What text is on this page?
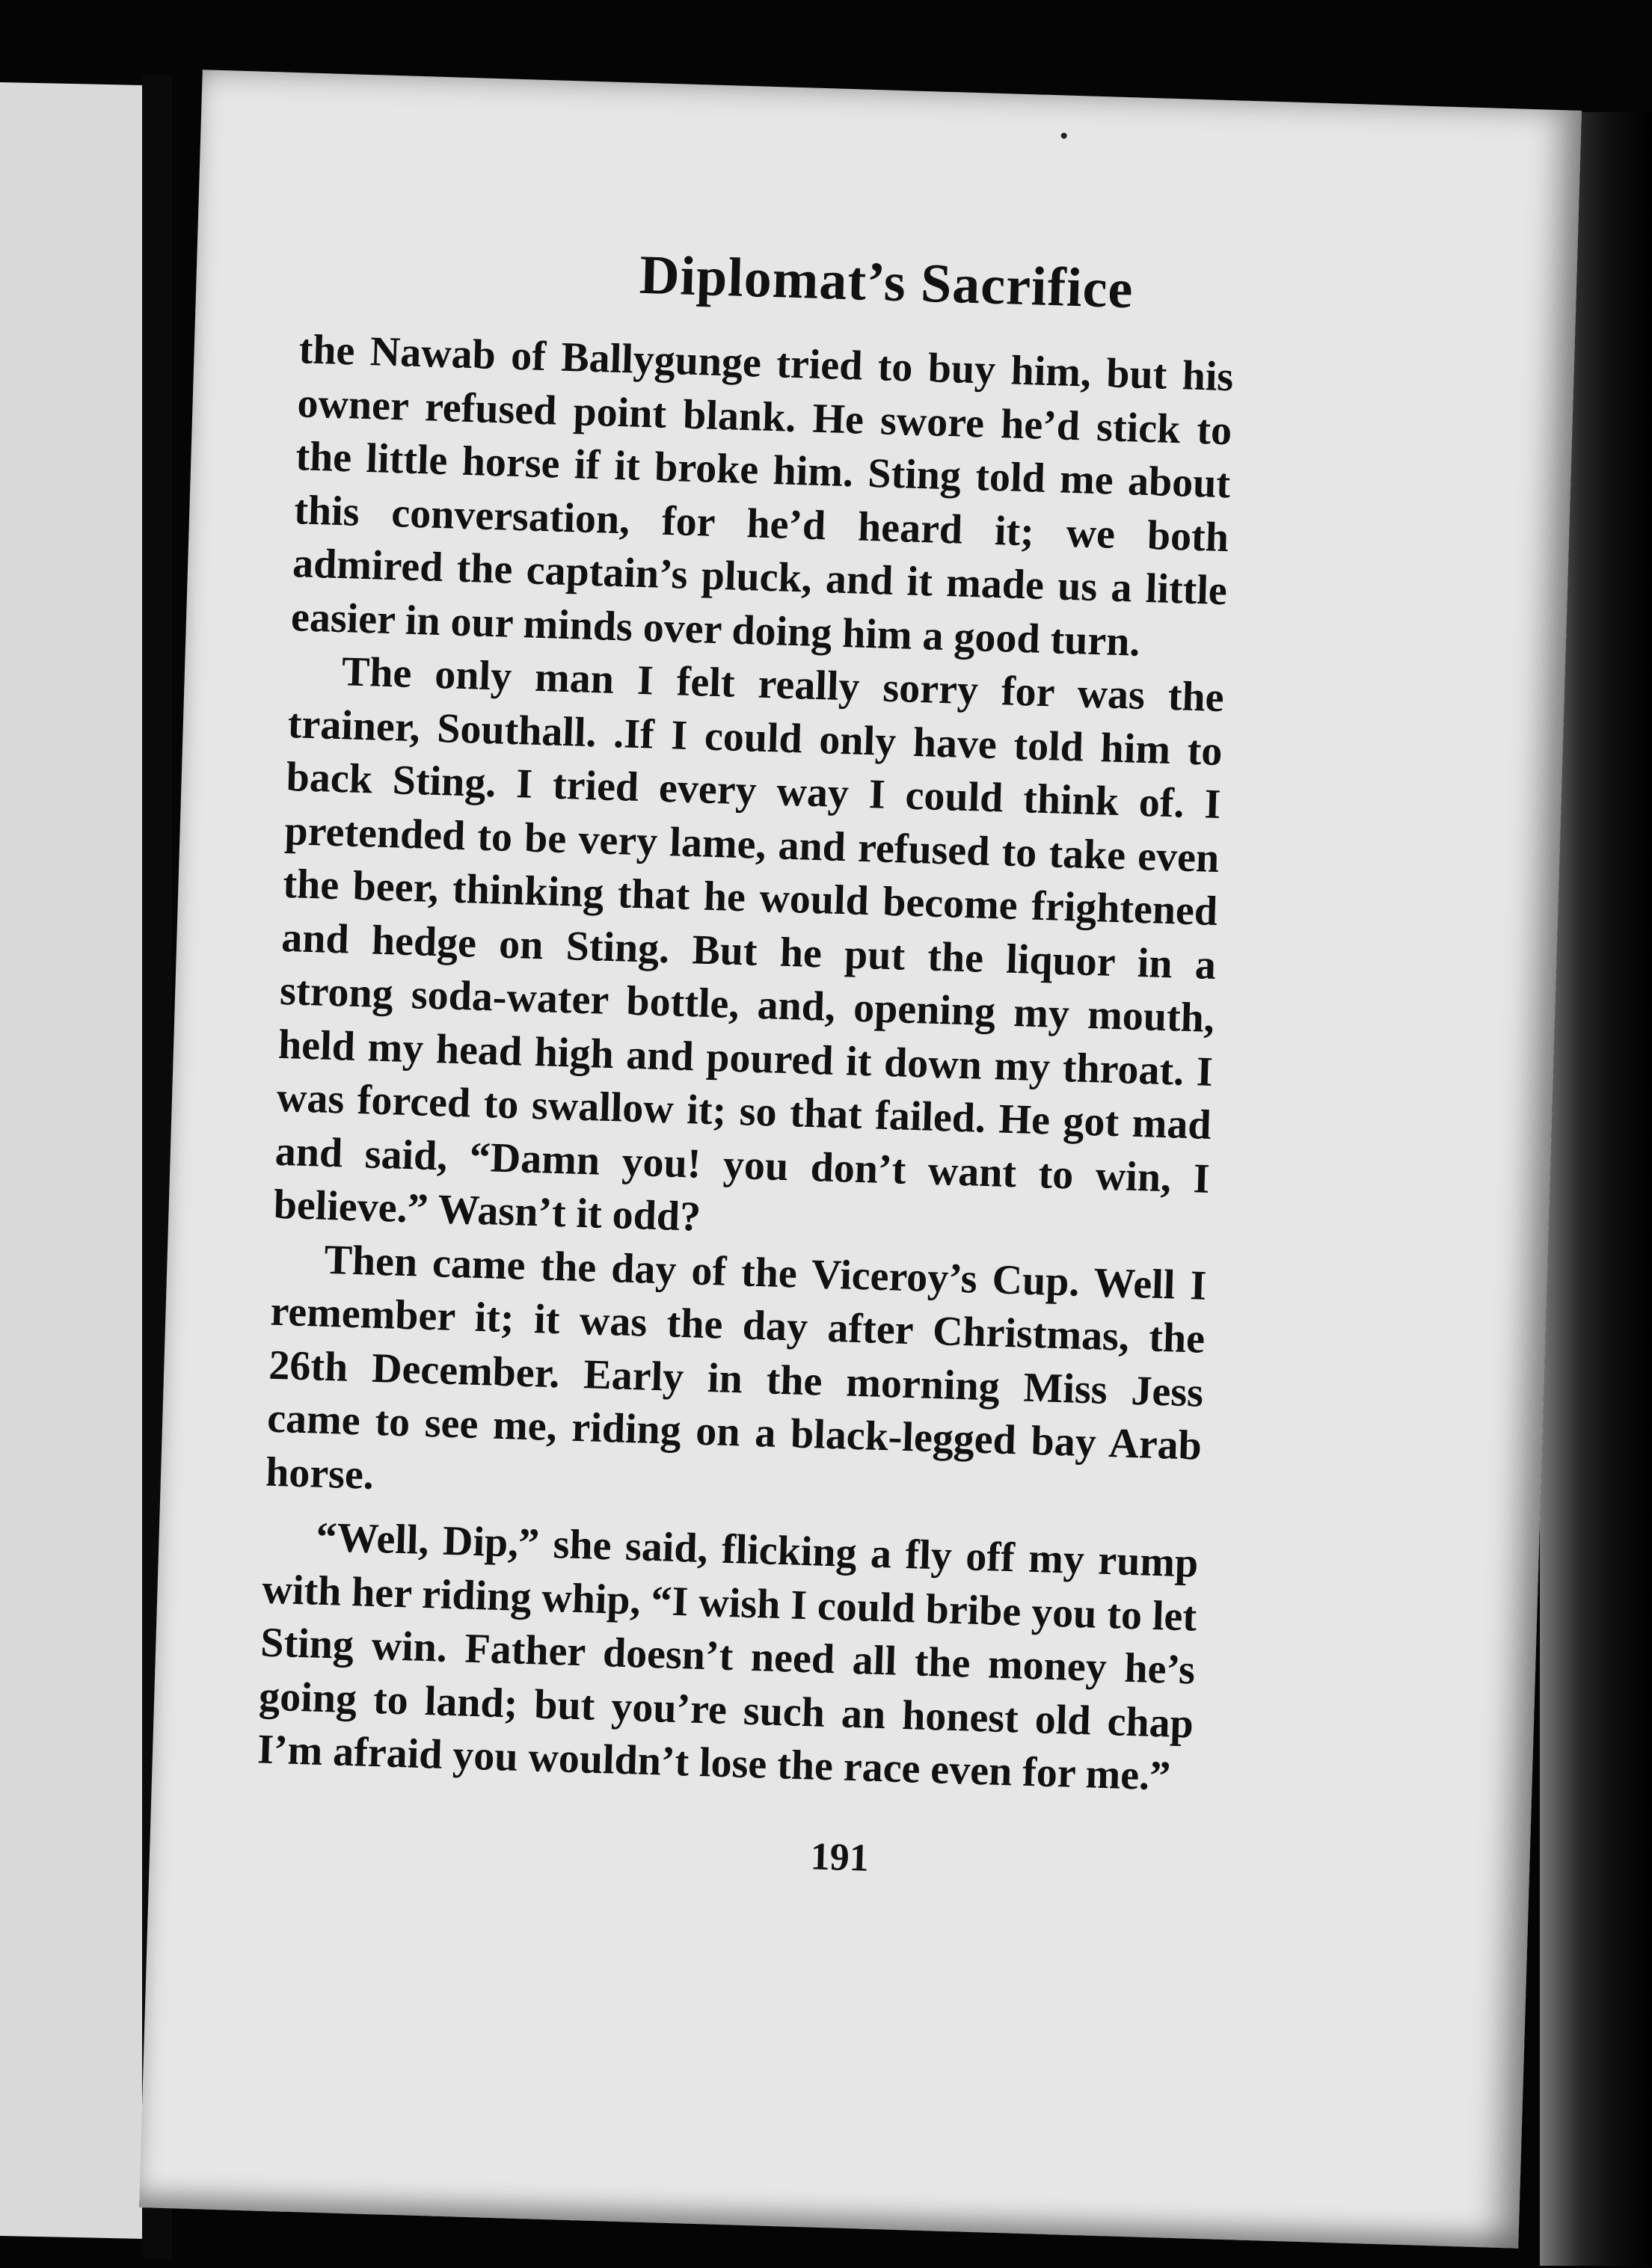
Diplomat’s Sacrifice

the Nawab of Ballygunge tried to buy him, but his owner refused point blank. He swore he’d stick to the little horse if it broke him. Sting told me about this conversation, for he’d heard it; we both admired the captain’s pluck, and it made us a little easier in our minds over doing him a good turn.

The only man I felt really sorry for was the trainer, Southall. .If I could only have told him to back Sting. I tried every way I could think of. I pretended to be very lame, and refused to take even the beer, thinking that he would become frightened and hedge on Sting. But he put the liquor in a strong soda-water bottle, and, opening my mouth, held my head high and poured it down my throat. I was forced to swallow it; so that failed. He got mad and said, “Damn you! you don’t want to win, I believe.” Wasn’t it odd?

Then came the day of the Viceroy’s Cup. Well I remember it; it was the day after Christmas, the 26th December. Early in the morning Miss Jess came to see me, riding on a black-legged bay Arab horse.

“Well, Dip,” she said, flicking a fly off my rump with her riding whip, “I wish I could bribe you to let Sting win. Father doesn’t need all the money he’s going to land; but you’re such an honest old chap I’m afraid you wouldn’t lose the race even for me.”

191
